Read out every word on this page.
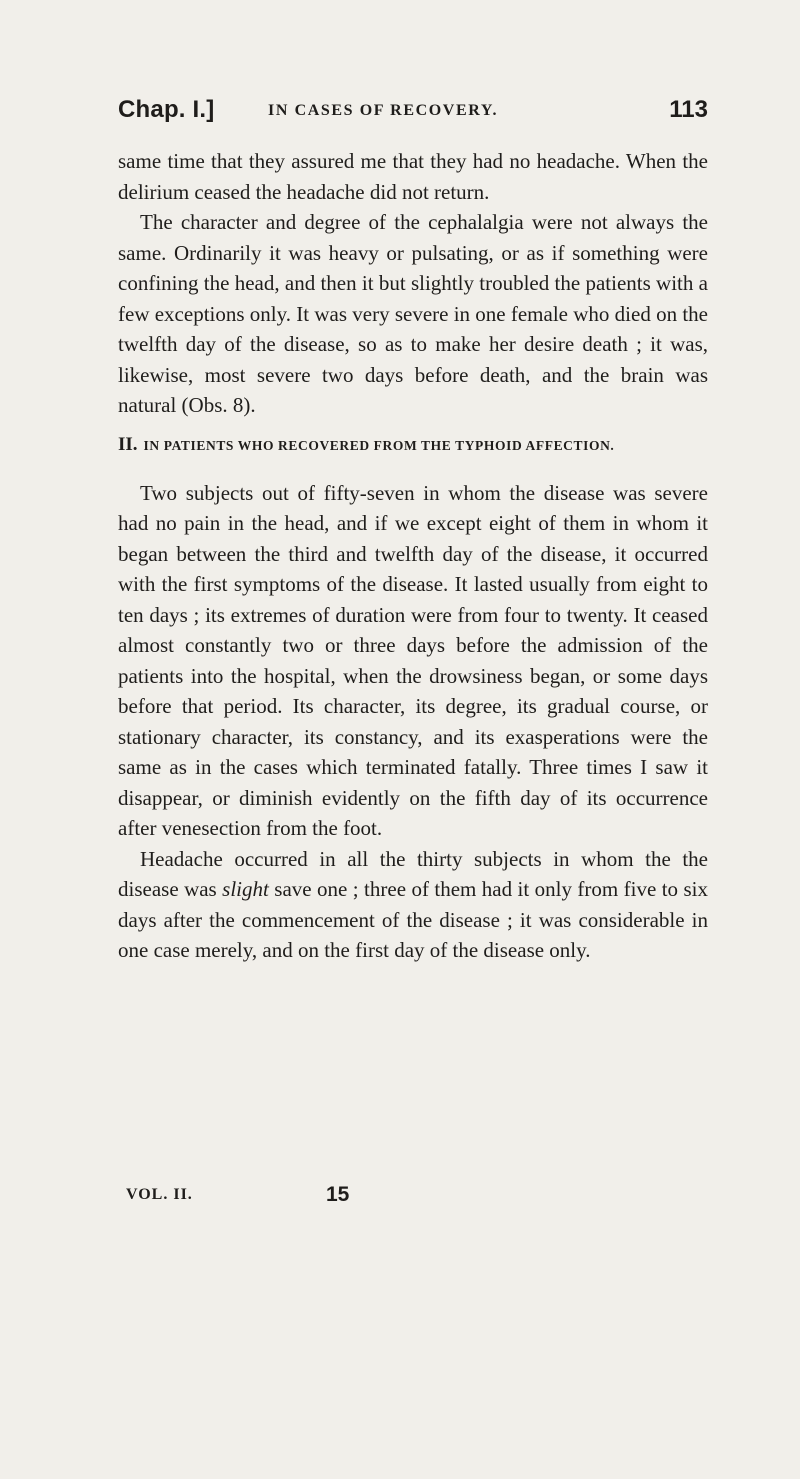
Chap. I.]	IN CASES OF RECOVERY.	113

same time that they assured me that they had no headache. When the delirium ceased the headache did not return.

The character and degree of the cephalalgia were not always the same. Ordinarily it was heavy or pulsating, or as if something were confining the head, and then it but slightly troubled the patients with a few exceptions only. It was very severe in one female who died on the twelfth day of the disease, so as to make her desire death ; it was, likewise, most severe two days before death, and the brain was natural (Obs. 8).

II. IN PATIENTS WHO RECOVERED FROM THE TYPHOID AFFECTION.

Two subjects out of fifty-seven in whom the disease was severe had no pain in the head, and if we except eight of them in whom it began between the third and twelfth day of the disease, it occurred with the first symptoms of the disease. It lasted usually from eight to ten days ; its extremes of duration were from four to twenty. It ceased almost constantly two or three days before the admission of the patients into the hospital, when the drowsiness began, or some days before that period. Its character, its degree, its gradual course, or stationary character, its constancy, and its exasperations were the same as in the cases which terminated fatally. Three times I saw it disappear, or diminish evidently on the fifth day of its occurrence after venesection from the foot.

Headache occurred in all the thirty subjects in whom the the disease was slight save one ; three of them had it only from five to six days after the commencement of the disease ; it was considerable in one case merely, and on the first day of the disease only.

VOL. II.	15
